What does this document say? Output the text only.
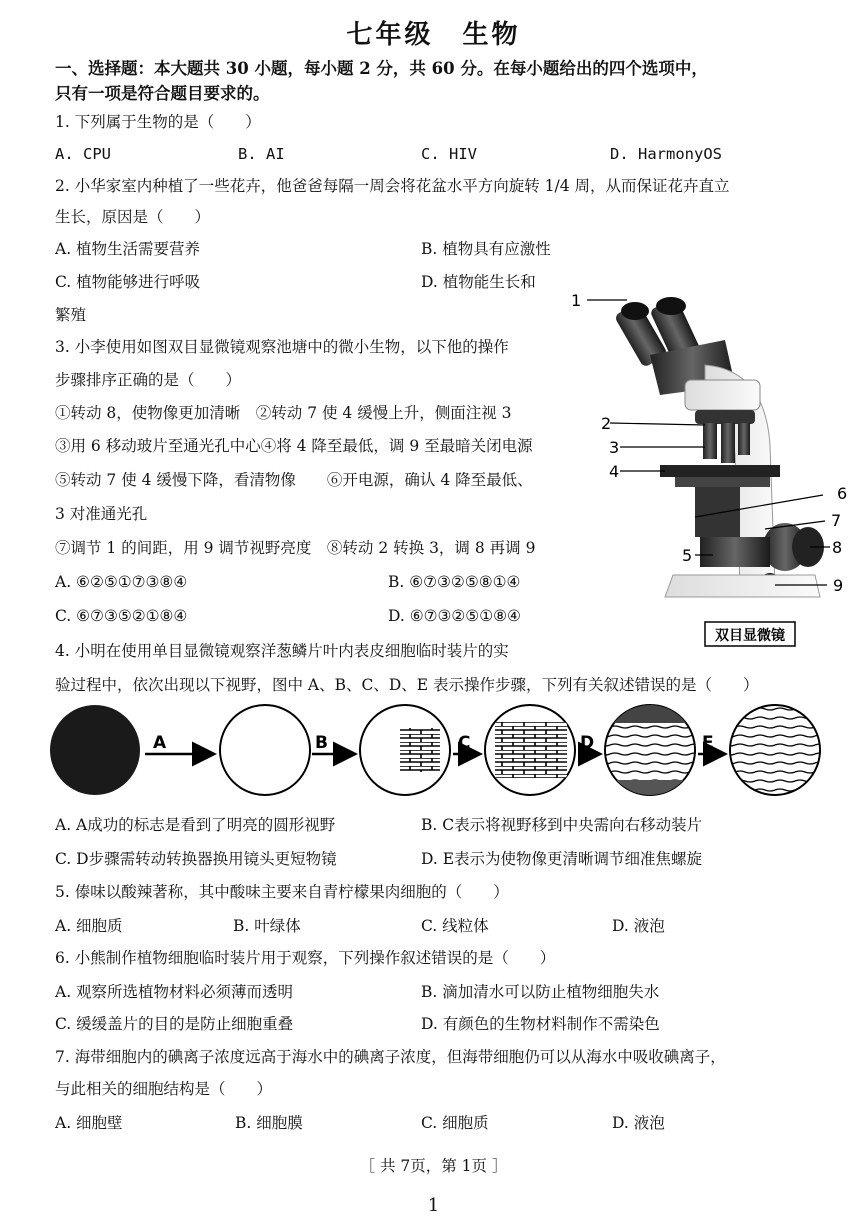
七年级　生物
一、选择题：本大题共 30 小题，每小题 2 分，共 60 分。在每小题给出的四个选项中，
只有一项是符合题目要求的。
1. 下列属于生物的是（　　）
A. CPU	B. AI	C. HIV	D. HarmonyOS
2. 小华家室内种植了一些花卉，他爸爸每隔一周会将花盆水平方向旋转 1/4 周，从而保证花卉直立
生长，原因是（　　）
A. 植物生活需要营养	B. 植物具有应激性
C. 植物能够进行呼吸	D. 植物能生长和
繁殖
3. 小李使用如图双目显微镜观察池塘中的微小生物，以下他的操作
步骤排序正确的是（　　）
①转动 8，使物像更加清晰　②转动 7 使 4 缓慢上升，侧面注视 3
③用 6 移动玻片至通光孔中心④将 4 降至最低，调 9 至最暗关闭电源
⑤转动 7 使 4 缓慢下降，看清物像　　⑥开电源，确认 4 降至最低、
3 对准通光孔
⑦调节 1 的间距，用 9 调节视野亮度　⑧转动 2 转换 3，调 8 再调 9
A. ⑥②⑤①⑦③⑧④	B. ⑥⑦③②⑤⑧①④
C. ⑥⑦③⑤②①⑧④	D. ⑥⑦③②⑤①⑧④
1
2
3
4
5
6
7
8
9
双目显微镜
4. 小明在使用单目显微镜观察洋葱鳞片叶内表皮细胞临时装片的实
验过程中，依次出现以下视野，图中 A、B、C、D、E 表示操作步骤，下列有关叙述错误的是（　　）
A	B	C	D	E
A. A成功的标志是看到了明亮的圆形视野	B. C表示将视野移到中央需向右移动装片
C. D步骤需转动转换器换用镜头更短物镜	D. E表示为使物像更清晰调节细准焦螺旋
5. 傣味以酸辣著称，其中酸味主要来自青柠檬果肉细胞的（　　）
A. 细胞质	B. 叶绿体	C. 线粒体	D. 液泡
6. 小熊制作植物细胞临时装片用于观察，下列操作叙述错误的是（　　）
A. 观察所选植物材料必须薄而透明	B. 滴加清水可以防止植物细胞失水
C. 缓缓盖片的目的是防止细胞重叠	D. 有颜色的生物材料制作不需染色
7. 海带细胞内的碘离子浓度远高于海水中的碘离子浓度，但海带细胞仍可以从海水中吸收碘离子，
与此相关的细胞结构是（　　）
A. 细胞壁	B. 细胞膜	C. 细胞质	D. 液泡
［ 共 7页，第 1页 ］
1
